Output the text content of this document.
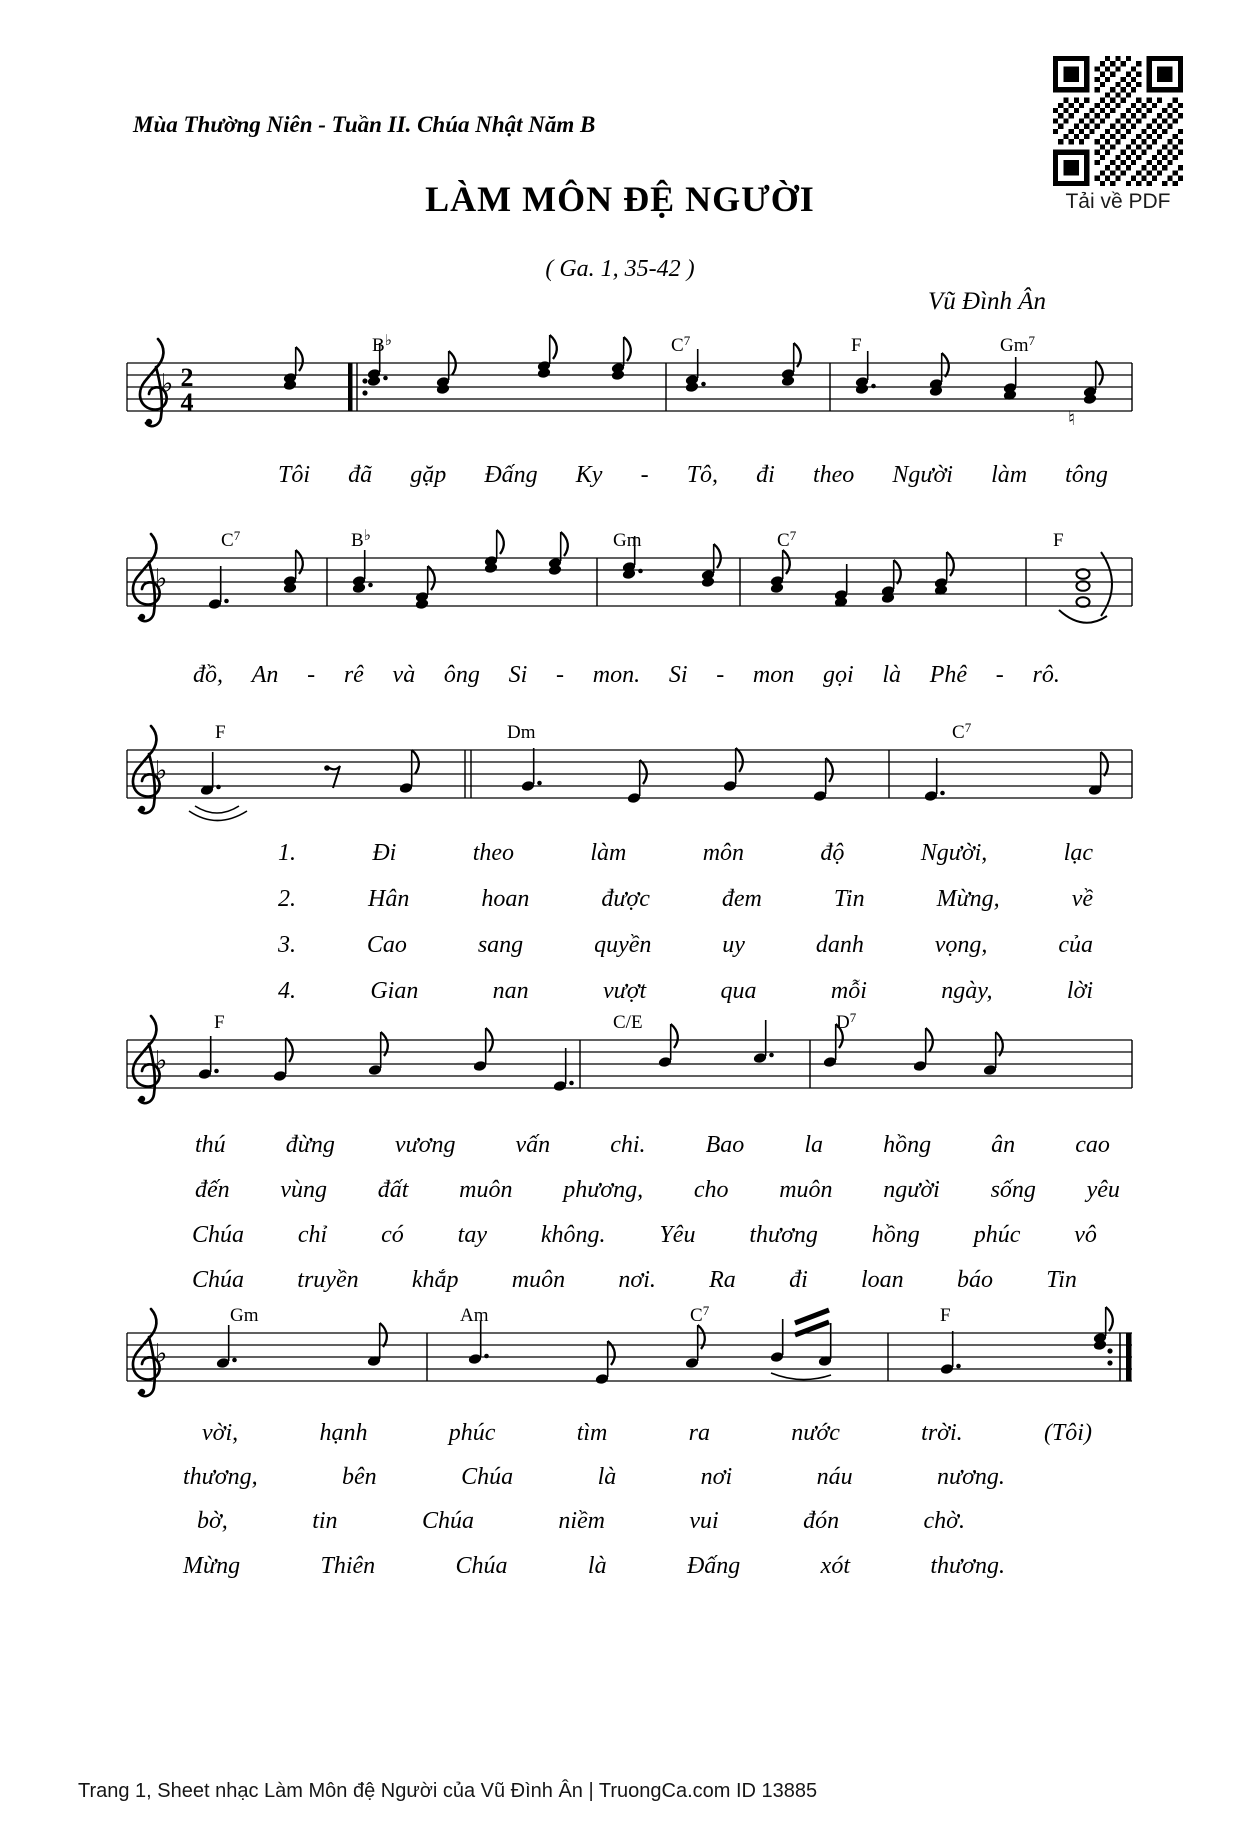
Mùa Thường Niên - Tuần II. Chúa Nhật Năm B
LÀM MÔN ĐỆ NGƯỜI
( Ga. 1, 35-42 )
Vũ Đình Ân
Tải về PDF
♭ 2
4
B♭	$C^7$	F	Gm$^7$
♮
♭
$C^7$	B♭	Gm	$C^7$	F
♭
F	Dm	$C^7$
♭
F	C/E	$D^7$
♭
Gm	Am	$C^7$	F
Tôi đã gặp Đấng Ky - Tô, đi theo Người làm tông
đồ, An - rê và ông Si - mon. Si - mon gọi là Phê - rô.
1.	Đi	theo	làm	môn	độ	Người,	lạc
2.	Hân	hoan	được	đem	Tin	Mừng,	về
3.	Cao	sang	quyền	uy	danh	vọng,	của
4.	Gian	nan	vượt	qua	mỗi	ngày,	lời
thú	đừng	vương	vấn	chi.	Bao	la	hồng	ân	cao
đến vùng đất muôn phương, cho muôn người sống yêu
Chúa chỉ có tay không. Yêu thương hồng phúc vô
Chúa truyền khắp muôn nơi. Ra đi loan báo Tin
vời,	hạnh	phúc	tìm	ra	nước	trời.	(Tôi)
thương,	bên	Chúa	là	nơi	náu	nương.
bờ,	tin	Chúa	niềm	vui	đón	chờ.
Mừng	Thiên	Chúa	là	Đấng	xót	thương.
Trang 1, Sheet nhạc Làm Môn đệ Người của Vũ Đình Ân | TruongCa.com ID 13885
